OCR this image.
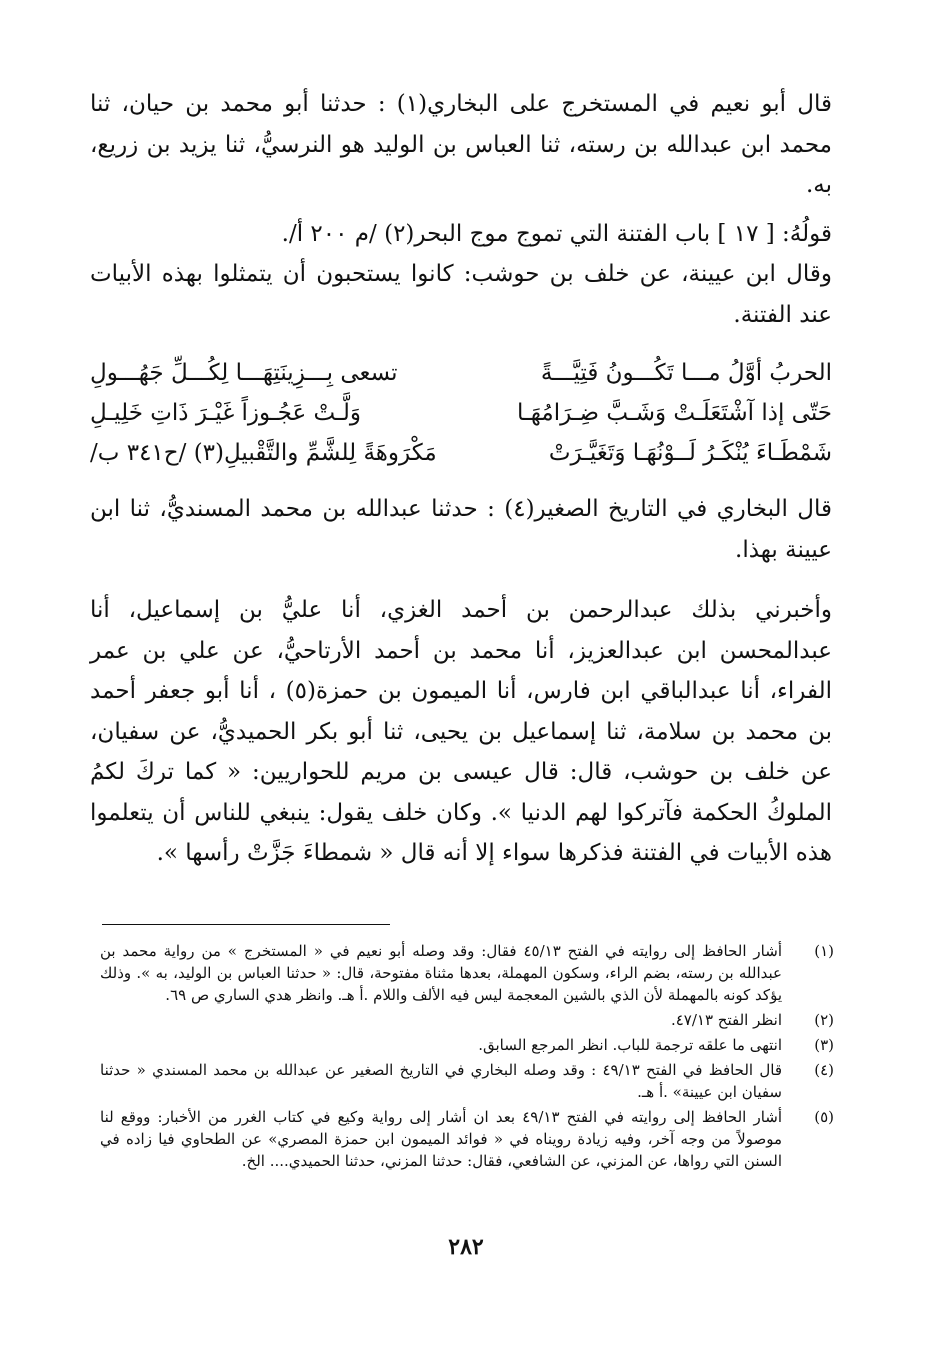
قال أبو نعيم في المستخرج على البخاري(١) : حدثنا أبو محمد بن حيان، ثنا محمد ابن عبدالله بن رسته، ثنا العباس بن الوليد هو النرسيُّ، ثنا يزيد بن زريع، به.

قولُهُ: [ ١٧ ] باب الفتنة التي تموج موج البحر(٢) /م ٢٠٠ أ/.

وقال ابن عيينة، عن خلف بن حوشب: كانوا يستحبون أن يتمثلوا بهذه الأبيات عند الفتنة.

الحربُ أوَّلُ مـــا تَكُـــونُ فَتِيَّـــةً
تسعى بِـــزِينَتِهَـــا لِكُـــلِّ جَهُـــولِ
حَتّى إذا آشْتَعَلَـتْ وَشَـبَّ ضِـرَامُهَـا
وَلَّـتْ عَجُـوزاً غَيْـرَ ذَاتِ خَلِيـلِ
شَمْطَـاءَ يُنْكَـرُ لَــوْنُهَـا وَتَغَيَّـرَتْ
مَكْرَوهَةً لِلشَّمِّ والتَّقْبيلِ(٣) /ح٣٤١ ب/

قال البخاري في التاريخ الصغير(٤) : حدثنا عبدالله بن محمد المسنديُّ، ثنا ابن عيينة بهذا.

وأخبرني بذلك عبدالرحمن بن أحمد الغزي، أنا عليُّ بن إسماعيل، أنا عبدالمحسن ابن عبدالعزيز، أنا محمد بن أحمد الأرتاحيُّ، عن علي بن عمر الفراء، أنا عبدالباقي ابن فارس، أنا الميمون بن حمزة(٥) ، أنا أبو جعفر أحمد بن محمد بن سلامة، ثنا إسماعيل بن يحيى، ثنا أبو بكر الحميديُّ، عن سفيان، عن خلف بن حوشب، قال: قال عيسى بن مريم للحواريين: « كما تركَ لكمُ الملوكُ الحكمة فآتركوا لهم الدنيا ». وكان خلف يقول: ينبغي للناس أن يتعلموا هذه الأبيات في الفتنة فذكرها سواء إلا أنه قال « شمطاءَ جَزَّتْ رأسها ».

(١)
أشار الحافظ إلى روايته في الفتح ٤٥/١٣ فقال: وقد وصله أبو نعيم في « المستخرج » من رواية محمد بن عبدالله بن رسته، بضم الراء، وسكون المهملة، بعدها مثناة مفتوحة، قال: « حدثنا العباس بن الوليد، به ». وذلك يؤكد كونه بالمهملة لأن الذي بالشين المعجمة ليس فيه الألف واللام .أ هـ. وانظر هدي الساري ص ٦٩.
(٢)
انظر الفتح ٤٧/١٣.
(٣)
انتهى ما علقه ترجمة للباب. انظر المرجع السابق.
(٤)
قال الحافظ في الفتح ٤٩/١٣ : وقد وصله البخاري في التاريخ الصغير عن عبدالله بن محمد المسندي « حدثنا سفيان ابن عيينة» .أ هـ.
(٥)
أشار الحافظ إلى روايته في الفتح ٤٩/١٣ بعد ان أشار إلى رواية وكيع في كتاب الغرر من الأخبار: ووقع لنا موصولاً من وجه آخر، وفيه زيادة رويناه في « فوائد الميمون ابن حمزة المصري» عن الطحاوي فيا زاده في السنن التي رواها، عن المزني، عن الشافعي، فقال: حدثنا المزني، حدثنا الحميدي.... الخ.
٢٨٢
